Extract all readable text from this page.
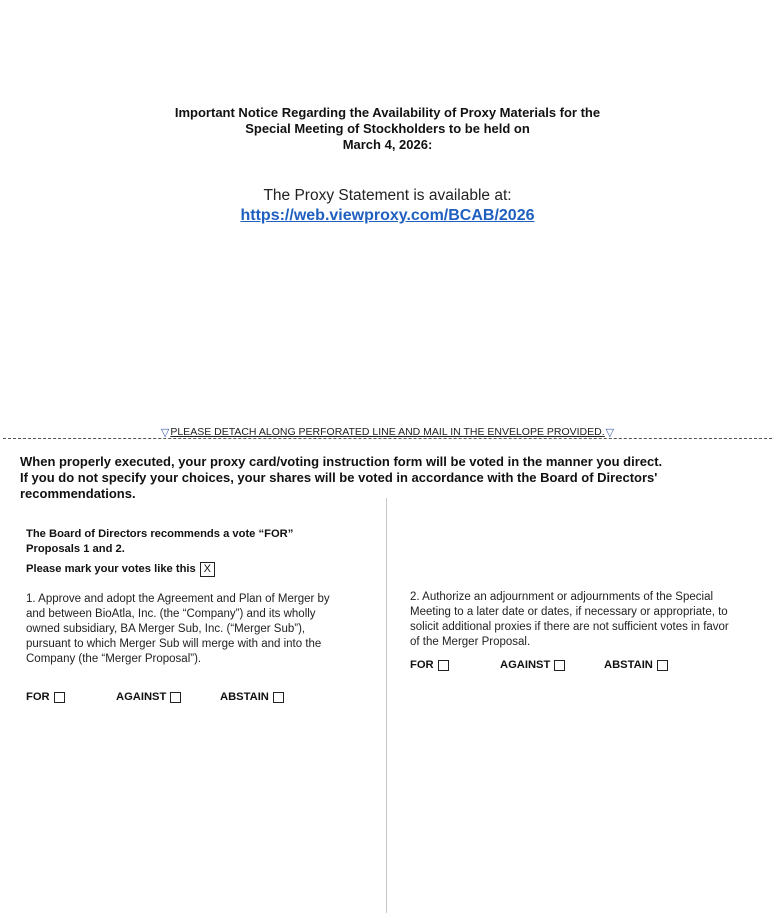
Important Notice Regarding the Availability of Proxy Materials for the
Special Meeting of Stockholders to be held on
March 4, 2026:
The Proxy Statement is available at:
https://web.viewproxy.com/BCAB/2026
▽PLEASE DETACH ALONG PERFORATED LINE AND MAIL IN THE ENVELOPE PROVIDED.▽
When properly executed, your proxy card/voting instruction form will be voted in the manner you direct.
If you do not specify your choices, your shares will be voted in accordance with the Board of Directors'
recommendations.
The Board of Directors recommends a vote “FOR”
Proposals 1 and 2.
Please mark your votes like this X
1. Approve and adopt the Agreement and Plan of Merger by and between BioAtla, Inc. (the “Company”) and its wholly owned subsidiary, BA Merger Sub, Inc. (“Merger Sub”), pursuant to which Merger Sub will merge with and into the Company (the “Merger Proposal”).
FOR	AGAINST	ABSTAIN
2. Authorize an adjournment or adjournments of the Special Meeting to a later date or dates, if necessary or appropriate, to solicit additional proxies if there are not sufficient votes in favor of the Merger Proposal.
FOR	AGAINST	ABSTAIN
